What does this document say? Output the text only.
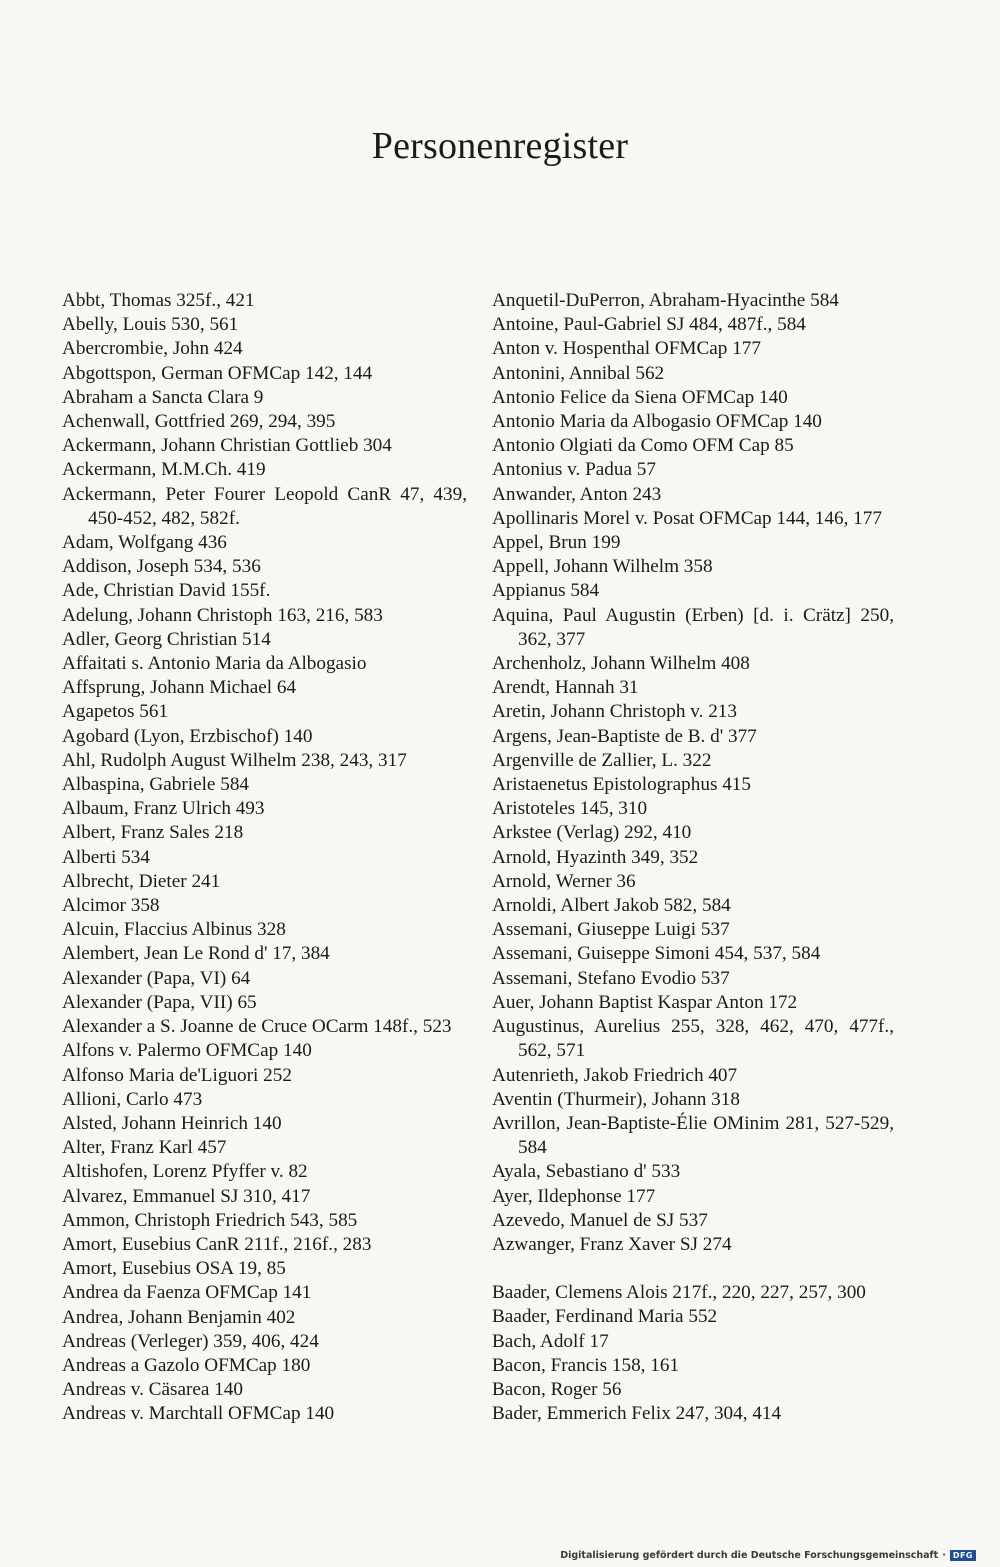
Personenregister
Abbt, Thomas 325f., 421
Abelly, Louis 530, 561
Abercrombie, John 424
Abgottspon, German OFMCap 142, 144
Abraham a Sancta Clara 9
Achenwall, Gottfried 269, 294, 395
Ackermann, Johann Christian Gottlieb 304
Ackermann, M.M.Ch. 419
Ackermann, Peter Fourer Leopold CanR 47, 439, 450-452, 482, 582f.
Adam, Wolfgang 436
Addison, Joseph 534, 536
Ade, Christian David 155f.
Adelung, Johann Christoph 163, 216, 583
Adler, Georg Christian 514
Affaitati s. Antonio Maria da Albogasio
Affsprung, Johann Michael 64
Agapetos 561
Agobard (Lyon, Erzbischof) 140
Ahl, Rudolph August Wilhelm 238, 243, 317
Albaspina, Gabriele 584
Albaum, Franz Ulrich 493
Albert, Franz Sales 218
Alberti 534
Albrecht, Dieter 241
Alcimor 358
Alcuin, Flaccius Albinus 328
Alembert, Jean Le Rond d' 17, 384
Alexander (Papa, VI) 64
Alexander (Papa, VII) 65
Alexander a S. Joanne de Cruce OCarm 148f., 523
Alfons v. Palermo OFMCap 140
Alfonso Maria de'Liguori 252
Allioni, Carlo 473
Alsted, Johann Heinrich 140
Alter, Franz Karl 457
Altishofen, Lorenz Pfyffer v. 82
Alvarez, Emmanuel SJ 310, 417
Ammon, Christoph Friedrich 543, 585
Amort, Eusebius CanR 211f., 216f., 283
Amort, Eusebius OSA 19, 85
Andrea da Faenza OFMCap 141
Andrea, Johann Benjamin 402
Andreas (Verleger) 359, 406, 424
Andreas a Gazolo OFMCap 180
Andreas v. Cäsarea 140
Andreas v. Marchtall OFMCap 140
Anquetil-DuPerron, Abraham-Hyacinthe 584
Antoine, Paul-Gabriel SJ 484, 487f., 584
Anton v. Hospenthal OFMCap 177
Antonini, Annibal 562
Antonio Felice da Siena OFMCap 140
Antonio Maria da Albogasio OFMCap 140
Antonio Olgiati da Como OFM Cap 85
Antonius v. Padua 57
Anwander, Anton 243
Apollinaris Morel v. Posat OFMCap 144, 146, 177
Appel, Brun 199
Appell, Johann Wilhelm 358
Appianus 584
Aquina, Paul Augustin (Erben) [d. i. Crätz] 250, 362, 377
Archenholz, Johann Wilhelm 408
Arendt, Hannah 31
Aretin, Johann Christoph v. 213
Argens, Jean-Baptiste de B. d' 377
Argenville de Zallier, L. 322
Aristaenetus Epistolographus 415
Aristoteles 145, 310
Arkstee (Verlag) 292, 410
Arnold, Hyazinth 349, 352
Arnold, Werner 36
Arnoldi, Albert Jakob 582, 584
Assemani, Giuseppe Luigi 537
Assemani, Guiseppe Simoni 454, 537, 584
Assemani, Stefano Evodio 537
Auer, Johann Baptist Kaspar Anton 172
Augustinus, Aurelius 255, 328, 462, 470, 477f., 562, 571
Autenrieth, Jakob Friedrich 407
Aventin (Thurmeir), Johann 318
Avrillon, Jean-Baptiste-Élie OMinim 281, 527-529, 584
Ayala, Sebastiano d' 533
Ayer, Ildephonse 177
Azevedo, Manuel de SJ 537
Azwanger, Franz Xaver SJ 274
Baader, Clemens Alois 217f., 220, 227, 257, 300
Baader, Ferdinand Maria 552
Bach, Adolf 17
Bacon, Francis 158, 161
Bacon, Roger 56
Bader, Emmerich Felix 247, 304, 414
Digitalisierung gefördert durch die Deutsche Forschungsgemeinschaft · DFG
